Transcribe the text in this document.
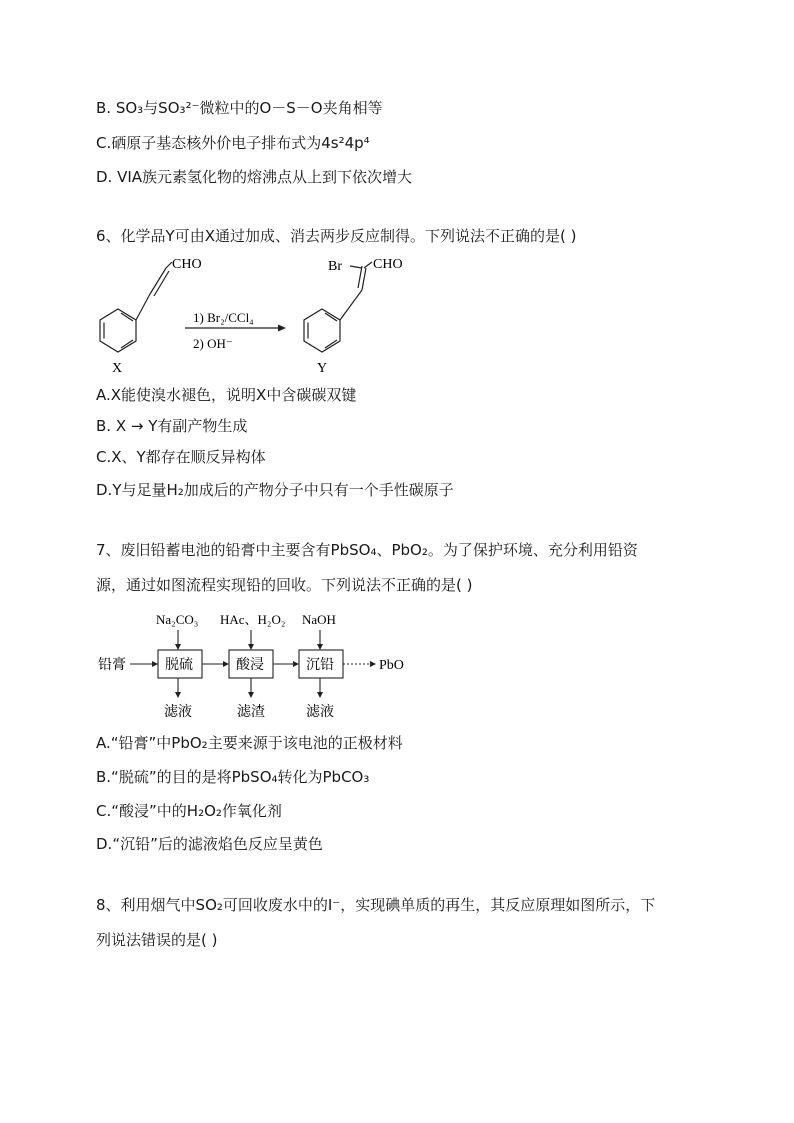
B. SO₃与SO₃²⁻微粒中的O－S－O夹角相等
C.硒原子基态核外价电子排布式为4s²4p⁴
D. VIA族元素氢化物的熔沸点从上到下依次增大
6、化学品Y可由X通过加成、消去两步反应制得。下列说法不正确的是( )
CHO
X
1) Br₂/CCl₄
2) OH⁻
Br CHO
Y
A.X能使溴水褪色，说明X中含碳碳双键
B. X → Y有副产物生成
C.X、Y都存在顺反异构体
D.Y与足量H₂加成后的产物分子中只有一个手性碳原子
7、废旧铅蓄电池的铅膏中主要含有PbSO₄、PbO₂。为了保护环境、充分利用铅资
源，通过如图流程实现铅的回收。下列说法不正确的是( )
Na₂CO₃ HAc、H₂O₂ NaOH
铅膏	脱硫	酸浸	沉铅	PbO
滤液	滤渣	滤液
A.“铅膏”中PbO₂主要来源于该电池的正极材料
B.“脱硫”的目的是将PbSO₄转化为PbCO₃
C.“酸浸”中的H₂O₂作氧化剂
D.“沉铅”后的滤液焰色反应呈黄色
8、利用烟气中SO₂可回收废水中的I⁻，实现碘单质的再生，其反应原理如图所示，下
列说法错误的是( )
